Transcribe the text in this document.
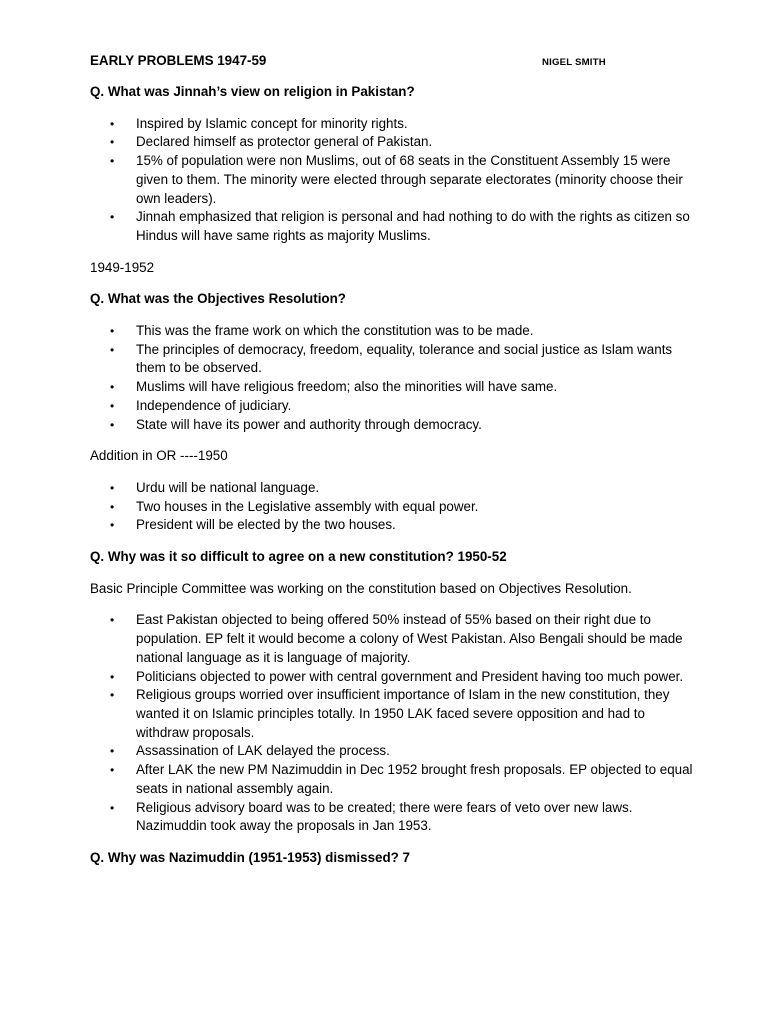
EARLY PROBLEMS 1947-59	NIGEL SMITH

Q. What was Jinnah’s view on religion in Pakistan?

• Inspired by Islamic concept for minority rights.
• Declared himself as protector general of Pakistan.
• 15% of population were non Muslims, out of 68 seats in the Constituent Assembly 15 were given to them. The minority were elected through separate electorates (minority choose their own leaders).
• Jinnah emphasized that religion is personal and had nothing to do with the rights as citizen so Hindus will have same rights as majority Muslims.

1949-1952

Q. What was the Objectives Resolution?

• This was the frame work on which the constitution was to be made.
• The principles of democracy, freedom, equality, tolerance and social justice as Islam wants them to be observed.
• Muslims will have religious freedom; also the minorities will have same.
• Independence of judiciary.
• State will have its power and authority through democracy.

Addition in OR ----1950

• Urdu will be national language.
• Two houses in the Legislative assembly with equal power.
• President will be elected by the two houses.

Q. Why was it so difficult to agree on a new constitution? 1950-52

Basic Principle Committee was working on the constitution based on Objectives Resolution.

• East Pakistan objected to being offered 50% instead of 55% based on their right due to population. EP felt it would become a colony of West Pakistan. Also Bengali should be made national language as it is language of majority.
• Politicians objected to power with central government and President having too much power.
• Religious groups worried over insufficient importance of Islam in the new constitution, they wanted it on Islamic principles totally. In 1950 LAK faced severe opposition and had to withdraw proposals.
• Assassination of LAK delayed the process.
• After LAK the new PM Nazimuddin in Dec 1952 brought fresh proposals. EP objected to equal seats in national assembly again.
• Religious advisory board was to be created; there were fears of veto over new laws. Nazimuddin took away the proposals in Jan 1953.

Q. Why was Nazimuddin (1951-1953) dismissed? 7
